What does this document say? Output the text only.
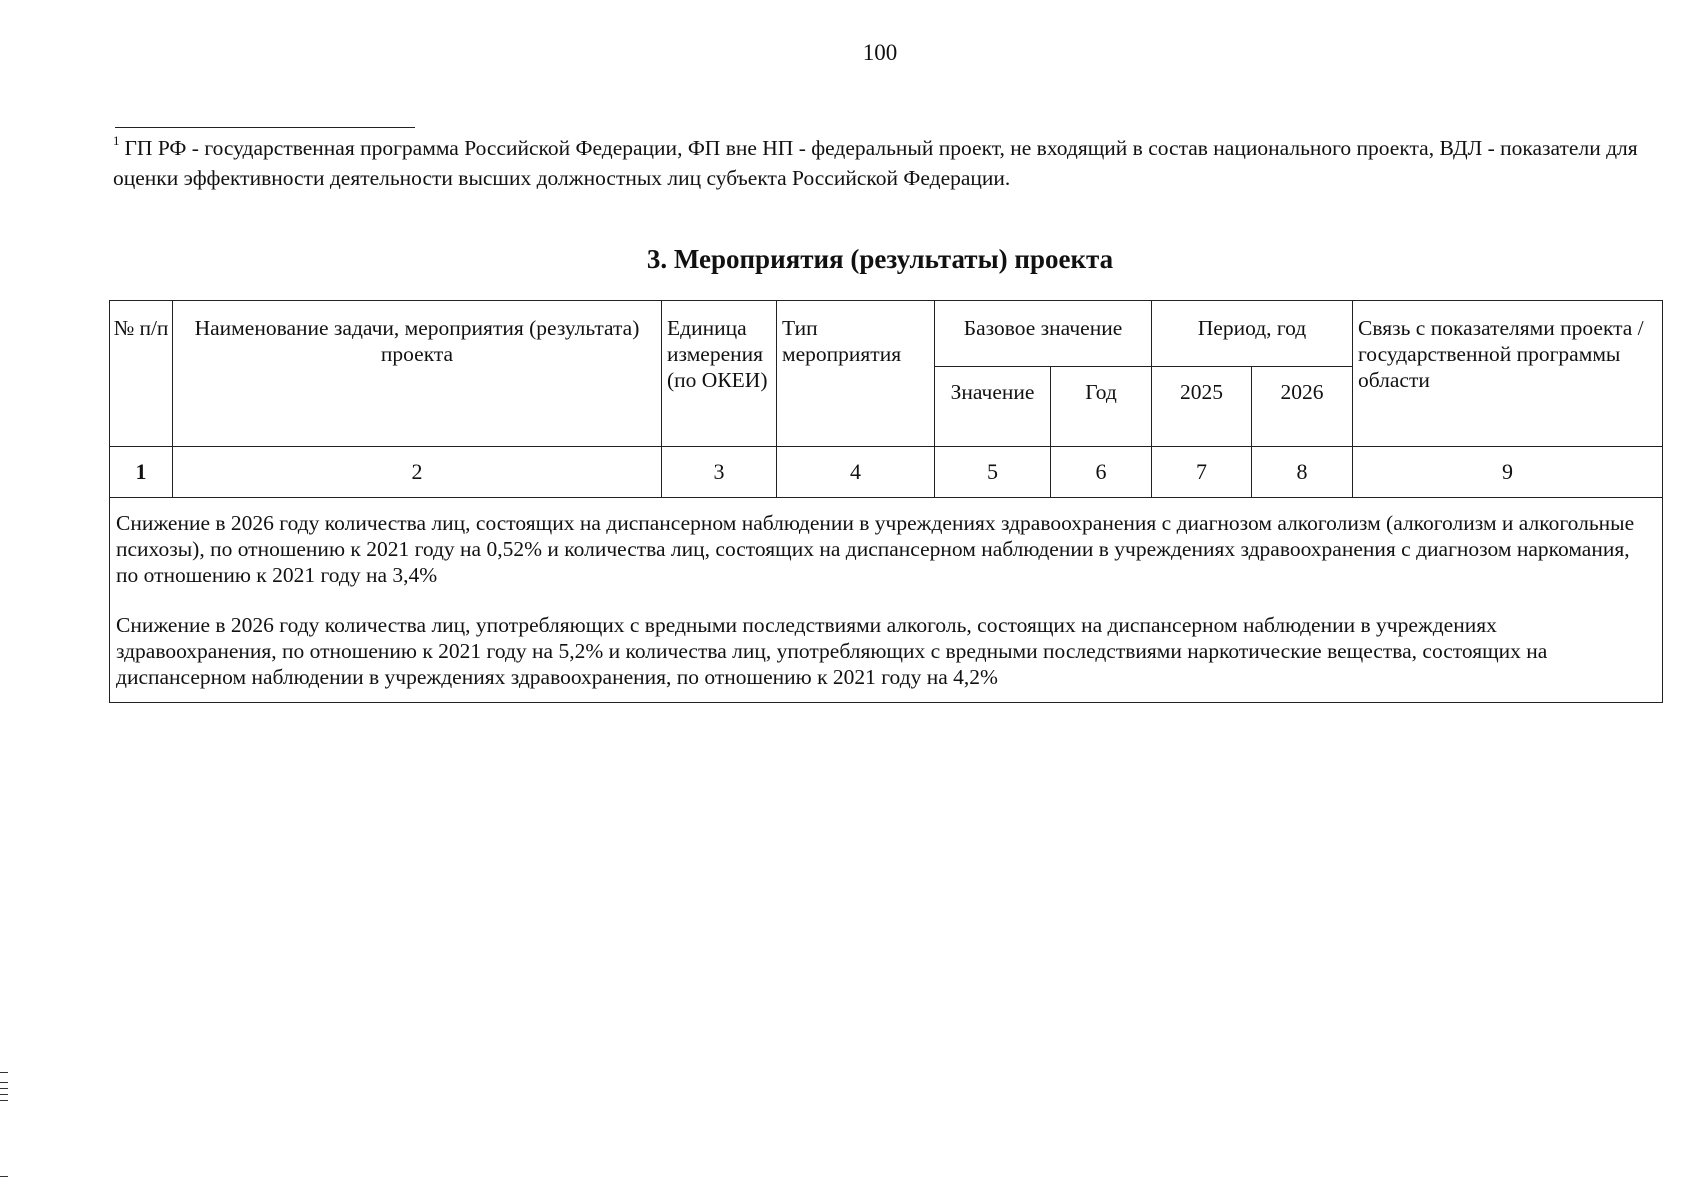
100
$^1$ ГП РФ - государственная программа Российской Федерации, ФП вне НП - федеральный проект, не входящий в состав национального проекта, ВДЛ - показатели для оценки эффективности деятельности высших должностных лиц субъекта Российской Федерации.
3. Мероприятия (результаты) проекта
№ п/п	Наименование задачи, мероприятия (результата) проекта	Единица измерения (по ОКЕИ)	Тип мероприятия	Базовое значение		Период, год		Связь с показателями проекта / государственной программы области
				Значение	Год	2025	2026	
1	2	3	4	5	6	7	8	9

Снижение в 2026 году количества лиц, состоящих на диспансерном наблюдении в учреждениях здравоохранения с диагнозом алкоголизм (алкоголизм и алкогольные психозы), по отношению к 2021 году на 0,52% и количества лиц, состоящих на диспансерном наблюдении в учреждениях здравоохранения с диагнозом наркомания, по отношению к 2021 году на 3,4%

Снижение в 2026 году количества лиц, употребляющих с вредными последствиями алкоголь, состоящих на диспансерном наблюдении в учреждениях здравоохранения, по отношению к 2021 году на 5,2% и количества лиц, употребляющих с вредными последствиями наркотические вещества, состоящих на диспансерном наблюдении в учреждениях здравоохранения, по отношению к 2021 году на 4,2%								
